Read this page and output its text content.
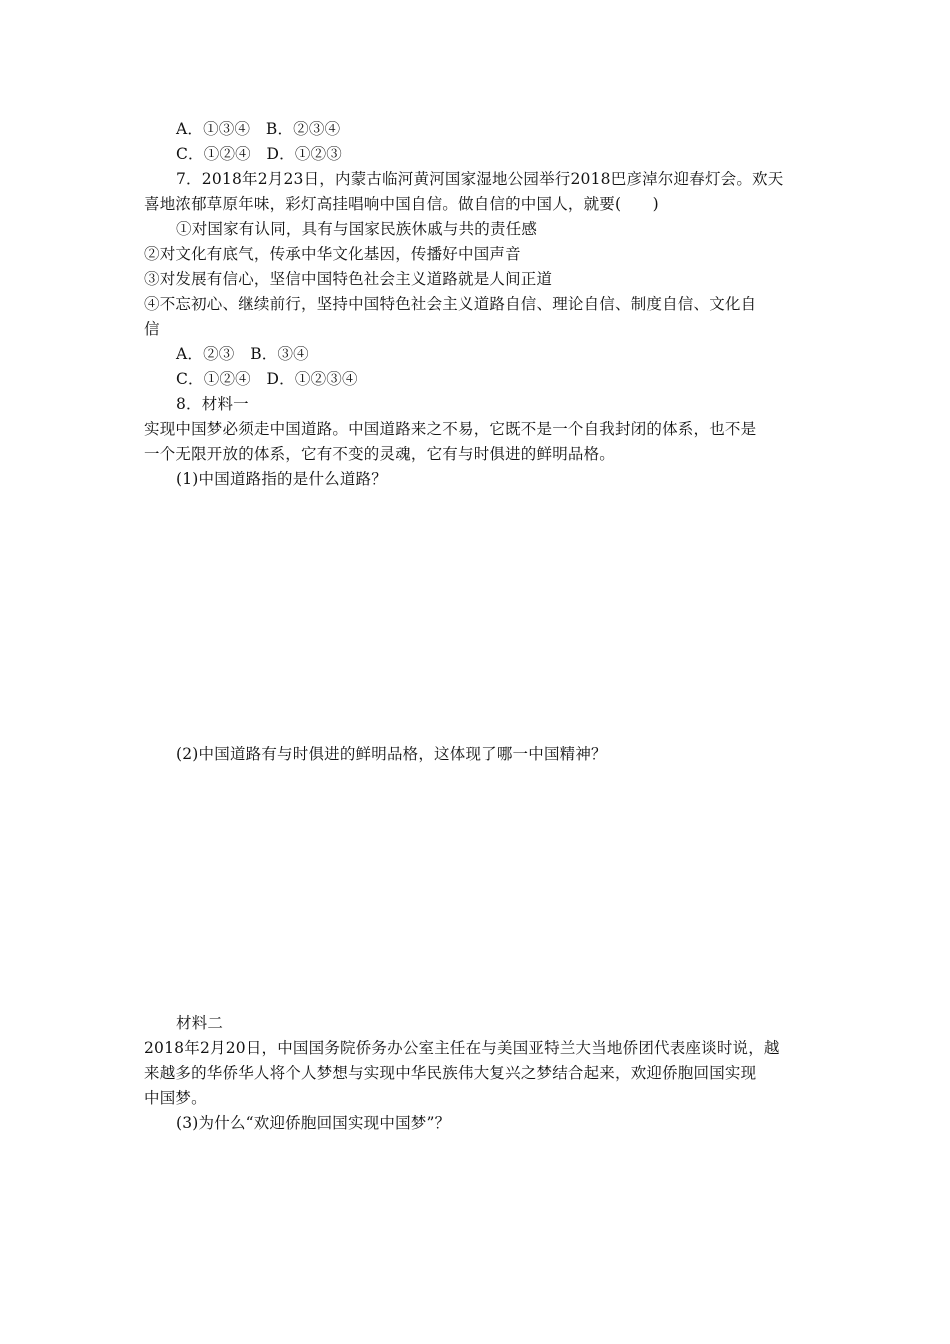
A．①③④　B．②③④
C．①②④　D．①②③
7．2018年2月23日，内蒙古临河黄河国家湿地公园举行2018巴彦淖尔迎春灯会。欢天
喜地浓郁草原年味，彩灯高挂唱响中国自信。做自信的中国人，就要(　　)
①对国家有认同，具有与国家民族休戚与共的责任感
②对文化有底气，传承中华文化基因，传播好中国声音
③对发展有信心，坚信中国特色社会主义道路就是人间正道
④不忘初心、继续前行，坚持中国特色社会主义道路自信、理论自信、制度自信、文化自
信
A．②③　B．③④
C．①②④　D．①②③④
8．材料一
实现中国梦必须走中国道路。中国道路来之不易，它既不是一个自我封闭的体系，也不是
一个无限开放的体系，它有不变的灵魂，它有与时俱进的鲜明品格。
(1)中国道路指的是什么道路？
(2)中国道路有与时俱进的鲜明品格，这体现了哪一中国精神？
材料二
2018年2月20日，中国国务院侨务办公室主任在与美国亚特兰大当地侨团代表座谈时说，越
来越多的华侨华人将个人梦想与实现中华民族伟大复兴之梦结合起来，欢迎侨胞回国实现
中国梦。
(3)为什么“欢迎侨胞回国实现中国梦”？
